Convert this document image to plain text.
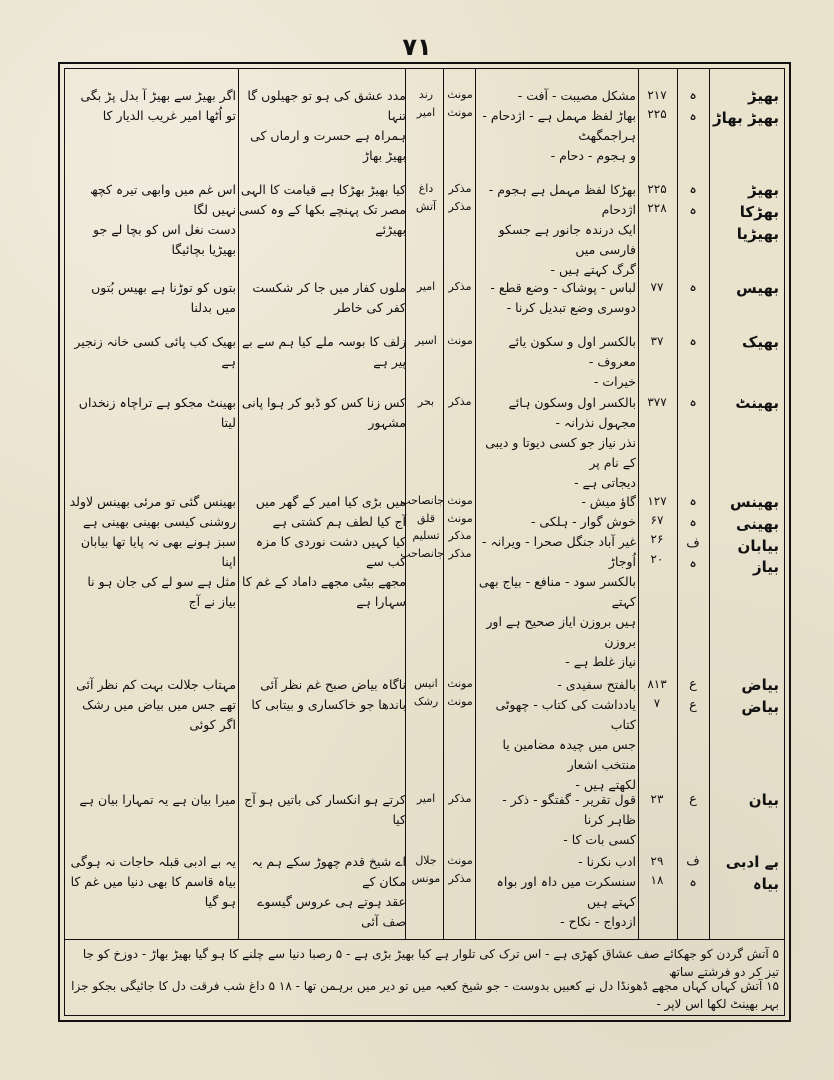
۷۱
بھیڑ
بھیڑ بھاڑ
ہ
ہ
۲۱۷
۲۲۵
مشکل مصیبت - آفت -
بھاڑ لفظ مہمل ہے - اژدحام - ہراجمگھٹ
و ہجوم - دحام -
مونث
مونث
رند
امیر
مدد عشق کی ہو تو جھیلوں گا تنہا
ہمراہ ہے حسرت و ارماں کی بھیڑ بھاڑ
اگر بھیڑ سے بھیڑ آ بدل پڑ بگی
تو اُٹھا امیر غریب الدیار کا
بھیڑ بھڑکا
بھیڑیا
ہ
ہ
۲۲۵
۲۲۸
بھڑکا لفظ مہمل ہے ہجوم - اژدحام
ایک درندہ جانور ہے جسکو فارسی میں
گرگ کہتے ہیں -
مذکر
مذکر
داغ
آتش
کیا بھیڑ بھڑکا ہے قیامت کا الہی
مصر تک پہنچے بکھا کے وہ کسی بھیڑئے
اس غم میں وابھی تیرہ کچھ نہیں لگا
دست نغل اس کو بچا لے جو بھیڑیا بچائیگا
بھیس
ہ
۷۷
لباس - پوشاک - وضع قطع -
دوسری وضع تبدیل کرنا -
مذکر
امیر
ملوں کفار میں جا کر شکست کفر کی خاطر
بتوں کو توڑنا ہے بھیس بُتوں میں بدلنا
بھیک
ہ
۳۷
بالکسر اول و سکون یائے معروف -
خیرات -
مونث
اسیر
زلف کا بوسہ ملے کیا ہم سے بے پیر ہے
بھیک کب پائی کسی خانہ زنجیر ہے
بھینٹ
ہ
۳۷۷
بالکسر اول وسکون ہائے مجہول نذرانہ -
نذر نیاز جو کسی دیوتا و دیبی کے نام پر
دیجاتی ہے -
مذکر
بحر
کس زنا کس کو ڈبو کر ہوا پانی مشہور
بھینٹ مجکو ہے تراچاہ زنخداں لیتا
بھینس
بھینی
بیابان
بیاز
ہ
ہ
ف
ہ
۱۲۷
۶۷
۲۶
۲۰
گاؤ میش -
خوش گوار - ہلکی -
غیر آباد جنگل صحرا - ویرانہ - اُوجاڑ
بالکسر سود - منافع - بیاج بھی کہتے
ہیں بروزن ایاز صحیح ہے اور بروزن
نیاز غلط ہے -
مونث
مونث
مذکر
مذکر
جانصاحب
قلق
تسلیم
جانصاحب
میں بڑی کیا امیر کے گھر میں
آج کیا لطف ہم کشتی ہے
کیا کہیں دشت نوردی کا مزہ کب سے
مجھے بیٹی مجھے داماد کے غم کا سہارا ہے
بھینس گئی تو مرئی بھینس لاولد
روشنی کیسی بھینی بھینی ہے
سبز ہونے بھی نہ پایا تھا بیابان اپنا
مثل ہے سو لے کی جان ہو نا بیاز نے آج
بیاض
بیاض
ع
ع
۸۱۳
۷
بالفتح سفیدی -
یادداشت کی کتاب - چھوٹی کتاب
جس میں چیدہ مضامین یا منتخب اشعار
لکھتے ہیں -
مونث
مونث
انیس
رشک
ناگاہ بیاض صبح غم نظر آئی
باندھا جو خاکساری و بیتابی کا
مہتاب جلالت بہت کم نظر آئی
تھے جس میں بیاض میں رشک اگر کوئی
بیان
ع
۲۳
قول تقریر - گفتگو - ذکر - ظاہر کرنا
کسی بات کا -
مذکر
امیر
کرتے ہو انکسار کی باتیں ہو آج کیا
میرا بیان ہے یہ تمہارا بیان ہے
بے ادبی
بیاہ
ف
ہ
۲۹
۱۸
ادب نکرنا -
سنسکرت میں داہ اور بواہ کہتے ہیں
ازدواج - نکاح -
مونث
مذکر
جلال
مونس
اے شیخ قدم چھوڑ سکے ہم یہ مکان کے
عقد ہوتے ہی عروس گیسوے صف آئی
یہ بے ادبی قبلہ حاجات نہ ہوگی
بیاہ قاسم کا بھی دنیا میں غم کا ہو گیا
۵ آتش گردن کو جھکائے صف عشاق کھڑی ہے - اس ترک کی تلوار ہے کیا بھیڑ بڑی ہے - ۵ رصبا دنیا سے چلنے کا ہو گیا بھیڑ بھاڑ - دوزخ کو جا تیز کر دو فرشتے ساتھ
۱۵ آتش کہاں کہاں مجھے ڈھونڈا دل نے کعبیں بدوست - جو شیخ کعبہ میں تو دیر میں برہمن تھا - ۱۸ ۵ داغ شب فرقت دل کا جائیگی بجکو جزا بہر بھینٹ لکھا اس لاپر -
